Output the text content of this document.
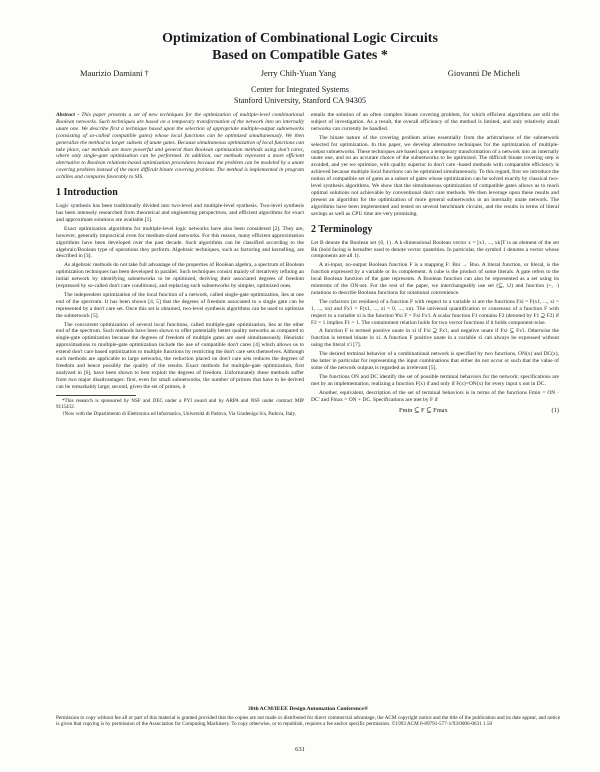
Optimization of Combinational Logic Circuits
Based on Compatible Gates *
Maurizio Damiani †	Jerry Chih-Yuan Yang	Giovanni De Micheli
Center for Integrated Systems
Stanford University, Stanford CA 94305

Abstract - This paper presents a set of new techniques for the optimization of multiple-level combinational Boolean networks. Such techniques are based on a temporary transformation of the network into an internally unate one. We describe first a technique based upon the selection of appropriate multiple-output subnetworks (consisting of so-called compatible gates) whose local functions can be optimized simultaneously. We then generalize the method to larger subsets of unate gates. Because simultaneous optimization of local functions can take place, our methods are more powerful and general than Boolean optimization methods using don't cares, where only single-gate optimization can be performed. In addition, our methods represent a more efficient alternative to Boolean relations-based optimization procedures because the problem can be modeled by a unate covering problem instead of the more difficult binate covering problem. The method is implemented in program achilles and compares favorably to SIS.

1 Introduction

Logic synthesis has been traditionally divided into two-level and multiple-level synthesis. Two-level synthesis has been intensely researched from theoretical and engineering perspectives, and efficient algorithms for exact and approximate solutions are available [1].

Exact optimization algorithms for multiple-level logic networks have also been considered [2]. They are, however, generally impractical even for medium-sized networks. For this reason, many efficient approximation algorithms have been developed over the past decade. Such algorithms can be classified according to the algebraic/Boolean type of operations they perform. Algebraic techniques, such as factoring and kernelling, are described in [3].

As algebraic methods do not take full advantage of the properties of Boolean algebra, a spectrum of Boolean optimization techniques has been developed in parallel. Such techniques consist mainly of iteratively refining an initial network by identifying subnetworks to be optimized, deriving their associated degrees of freedom (expressed by so-called don't care conditions), and replacing such subnetworks by simpler, optimized ones.

The independent optimization of the local function of a network, called single-gate optimization, lies at one end of the spectrum. It has been shown [4, 5] that the degrees of freedom associated to a single gate can be represented by a don't care set. Once this set is obtained, two-level synthesis algorithms can be used to optimize the subnetwork [5].

The concurrent optimization of several local functions, called multiple-gate optimization, lies at the other end of the spectrum. Such methods have been shown to offer potentially better quality networks as compared to single-gate optimization because the degrees of freedom of multiple gates are used simultaneously. Heuristic approximations to multiple-gate optimization include the use of compatible don't cares [4] which allows us to extend don't care based optimization to multiple functions by restricting the don't care sets themselves. Although such methods are applicable to large networks, the reduction placed on don't care sets reduces the degrees of freedom and hence possibly the quality of the results. Exact methods for multiple-gate optimization, first analyzed in [6], have been shown to best exploit the degrees of freedom. Unfortunately these methods suffer from two major disadvantages: first, even for small subnetworks, the number of primes that have to be derived can be remarkably large; second, given the set of primes, it

*This research is sponsored by NSF and DEC under a PYI award and by ARPA and NSF under contract MIP 9115432.

†Now with the Dipartimento di Elettronica ed Informatica, Università di Padova, Via Gradenigo 6/a, Padova, Italy.

entails the solution of an often complex binate covering problem, for which efficient algorithms are still the subject of investigation. As a result, the overall efficiency of the method is limited, and only relatively small networks can currently be handled.

The binate nature of the covering problem arises essentially from the arbitrariness of the subnetwork selected for optimization. In this paper, we develop alternative techniques for the optimization of multiple-output subnetworks. These techniques are based upon a temporary transformation of a network into an internally unate one, and on an accurate choice of the subnetworks to be optimized. The difficult binate covering step is avoided, and yet we optimize, with quality superior to don't care -based methods with comparable efficiency is achieved because multiple local functions can be optimized simultaneously. To this regard, first we introduce the notion of compatible set of gates as a subset of gates whose optimization can be solved exactly by classical two-level synthesis algorithms. We show that the simultaneous optimization of compatible gates allows us to reach optimal solutions not achievable by conventional don't care methods. We then leverage upon these results and present an algorithm for the optimization of more general subnetworks in an internally unate network. The algorithms have been implemented and tested on several benchmark circuits, and the results in terms of literal savings as well as CPU time are very promising.

2 Terminology

Let B denote the Boolean set {0, 1}. A k-dimensional Boolean vector x = [x1, ..., xk]T is an element of the set Bk (bold facing is hereafter used to denote vector quantities. In particular, the symbol 1 denotes a vector whose components are all 1).

A ni-input, no-output Boolean function F is a mapping F: Bni → Bno. A literal function, or literal, is the function expressed by a variable or its complement. A cube is the product of some literals. A gate refers to the local Boolean function of the gate represents. A Boolean function can also be represented as a set using its minterms of the ON-set. For the rest of the paper, we interchangeably use set (⊆, ∪) and function (+, ·) notations to describe Boolean functions for notational convenience.

The cofactors (or residues) of a function F with respect to a variable xi are the functions Fxi = F(x1, ..., xi = 1, ..., xn) and Fx'i = F(x1, ..., xi = 0, ..., xn). The universal quantification or consensus of a function F with respect to a variable xi is the function ∀xi F = Fxi Fx'i. A scalar function F1 contains F2 (denoted by F1 ⊇ F2) if F2 = 1 implies F1 = 1. The containment relation holds for two vector functions if it holds component-wise.

A function F is termed positive unate in xi if Fxi ⊇ Fx'i, and negative unate if Fxi ⊆ Fx'i. Otherwise the function is termed binate in xi. A function F positive unate in a variable xi can always be expressed without using the literal x'i [7].

The desired terminal behavior of a combinational network is specified by two functions, ON(x) and DC(x), the latter in particular for representing the input combinations that either do not occur or such that the value of some of the network outputs is regarded as irrelevant [5].

The functions ON and DC identify the set of possible terminal behaviors for the network: specifications are met by an implementation, realizing a function F(x) if and only if F(x)=ON(x) for every input x not in DC.

Another, equivalent, description of the set of terminal behaviors is in terms of the functions Fmin = ON · DC' and Fmax = ON + DC. Specifications are met by F if

Fmin ⊆ F ⊆ Fmax	(1)
30th ACM/IEEE Design Automation Conference®
Permission to copy without fee all or part of this material is granted provided that the copies are not made or distributed for direct commercial advantage, the ACM copyright notice and the title of the publication and its date appear, and notice is given that copying is by permission of the Association for Computing Machinery. To copy otherwise, or to republish, requires a fee and/or specific permission. ©1993 ACM 0-89791-577-1/93/0006-0631 1.50
631
